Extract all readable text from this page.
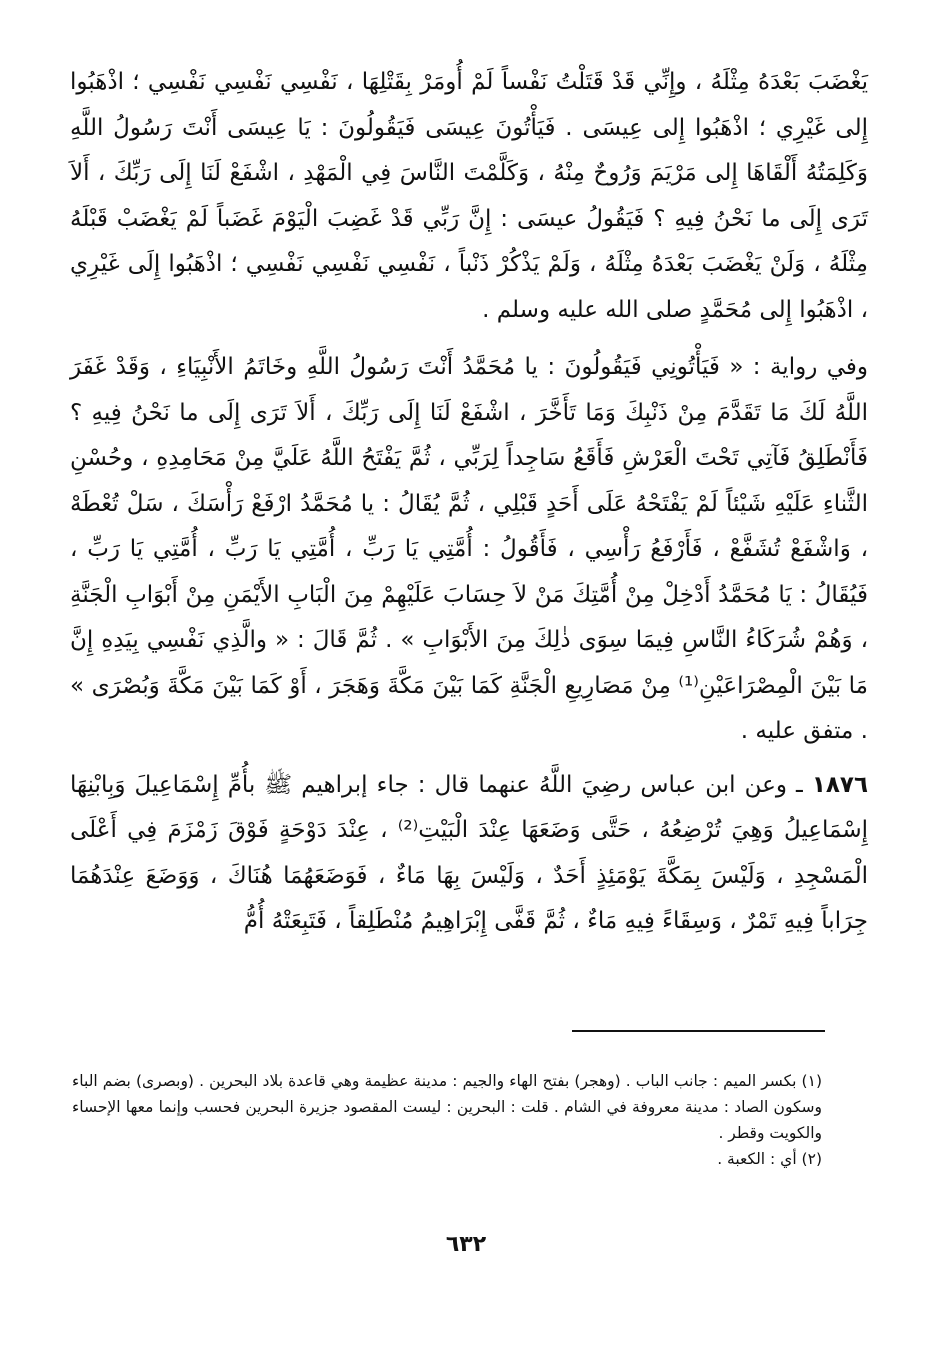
يَغْضَبَ بَعْدَهُ مِثْلَهُ ، وإِنِّي قَدْ قَتَلْتُ نَفْساً لَمْ أُومَرْ بِقَتْلِهَا ، نَفْسِي نَفْسِي نَفْسِي ؛ اذْهَبُوا إِلى غَيْرِي ؛ اذْهَبُوا إِلى عِيسَى . فَيَأْتُونَ عِيسَى فَيَقُولُونَ : يَا عِيسَى أَنْتَ رَسُولُ اللَّهِ وَكَلِمَتُهُ أَلْقَاهَا إِلى مَرْيَمَ وَرُوحٌ مِنْهُ ، وَكَلَّمْتَ النَّاسَ فِي الْمَهْدِ ، اشْفَعْ لَنَا إِلَى رَبِّكَ ، أَلاَ تَرَى إِلَى ما نَحْنُ فِيهِ ؟ فَيَقُولُ عيسَى : إِنَّ رَبِّي قَدْ غَضِبَ الْيَوْمَ غَضَباً لَمْ يَغْضَبْ قَبْلَهُ مِثْلَهُ ، وَلَنْ يَغْضَبَ بَعْدَهُ مِثْلَهُ ، وَلَمْ يَذْكُرْ ذَنْباً ، نَفْسِي نَفْسِي نَفْسِي ؛ اذْهَبُوا إِلَى غَيْرِي ، اذْهَبُوا إِلى مُحَمَّدٍ صلى الله عليه وسلم .

وفي رواية : « فَيَأْتُونِي فَيَقُولُونَ : يا مُحَمَّدُ أَنْتَ رَسُولُ اللَّهِ وخَاتَمُ الأَنْبِيَاءِ ، وَقَدْ غَفَرَ اللَّهُ لَكَ مَا تَقَدَّمَ مِنْ ذَنْبِكَ وَمَا تَأَخَّرَ ، اشْفَعْ لَنَا إِلَى رَبِّكَ ، أَلاَ تَرَى إِلَى ما نَحْنُ فِيهِ ؟ فَأَنْطَلِقُ فَآتِي تَحْتَ الْعَرْشِ فَأَقَعُ سَاجِداً لِرَبِّي ، ثُمَّ يَفْتَحُ اللَّهُ عَلَيَّ مِنْ مَحَامِدِهِ ، وحُسْنِ الثَّناءِ عَلَيْهِ شَيْئاً لَمْ يَفْتَحْهُ عَلَى أَحَدٍ قَبْلِي ، ثُمَّ يُقَالُ : يا مُحَمَّدُ ارْفَعْ رَأْسَكَ ، سَلْ تُعْطَهْ ، وَاشْفَعْ تُشَفَّعْ ، فَأَرْفَعُ رَأْسِي ، فَأَقُولُ : أُمَّتِي يَا رَبِّ ، أُمَّتِي يَا رَبِّ ، أُمَّتِي يَا رَبِّ ، فَيُقَالُ : يَا مُحَمَّدُ أَدْخِلْ مِنْ أُمَّتِكَ مَنْ لاَ حِسَابَ عَلَيْهِمْ مِنَ الْبَابِ الأَيْمَنِ مِنْ أَبْوَابِ الْجَنَّةِ ، وَهُمْ شُرَكَاءُ النَّاسِ فِيمَا سِوَى ذٰلِكَ مِنَ الأَبْوَابِ » . ثُمَّ قَالَ : « والَّذِي نَفْسِي بِيَدِهِ إِنَّ مَا بَيْنَ الْمِصْرَاعَيْنِ⁽¹⁾ مِنْ مَصَارِيعِ الْجَنَّةِ كَمَا بَيْنَ مَكَّةَ وَهَجَرَ ، أَوْ كَمَا بَيْنَ مَكَّةَ وَبُصْرَى » . متفق عليه .

١٨٧٦ ـ وعن ابن عباس رضِيَ اللَّهُ عنهما قال : جاء إبراهيم ﷺ بأُمِّ إِسْمَاعِيلَ وَبِابْنِهَا إِسْمَاعِيلُ وَهِيَ تُرْضِعُهُ ، حَتَّى وَضَعَهَا عِنْدَ الْبَيْتِ⁽²⁾ ، عِنْدَ دَوْحَةٍ فَوْقَ زَمْزَمَ فِي أَعْلَى الْمَسْجِدِ ، وَلَيْسَ بِمَكَّةَ يَوْمَئِذٍ أَحَدٌ ، وَلَيْسَ بِهَا مَاءٌ ، فَوَضَعَهُمَا هُنَاكَ ، وَوَضَعَ عِنْدَهُمَا جِرَاباً فِيهِ تَمْرٌ ، وَسِقَاءً فِيهِ مَاءٌ ، ثُمَّ قَفَّى إِبْرَاهِيمُ مُنْطَلِقاً ، فَتَبِعَتْهُ أُمُّ

(١) بكسر الميم : جانب الباب . (وهجر) بفتح الهاء والجيم : مدينة عظيمة وهي قاعدة بلاد البحرين . (وبصرى) بضم الباء وسكون الصاد : مدينة معروفة في الشام . قلت : البحرين : ليست المقصود جزيرة البحرين فحسب وإنما معها الإحساء والكويت وقطر .

(٢) أي : الكعبة .

٦٣٢
